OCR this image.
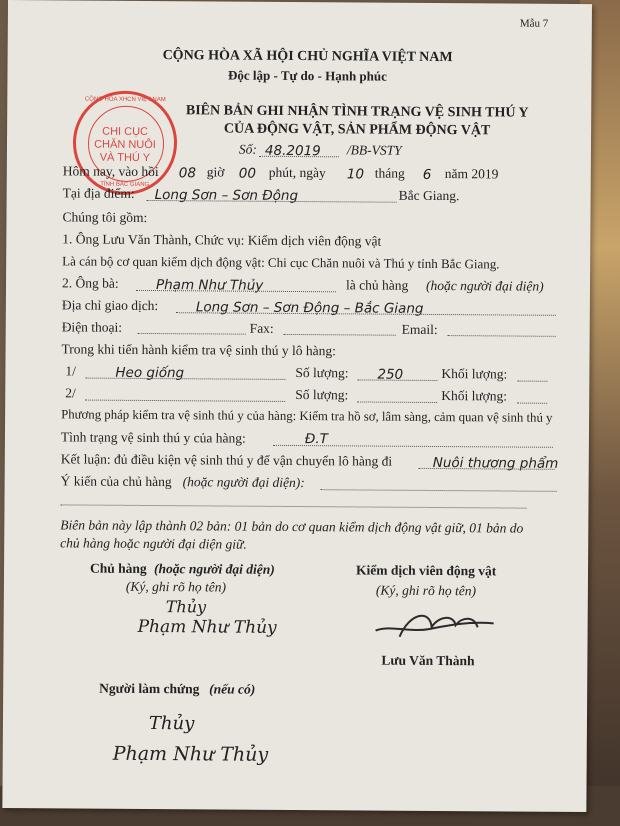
Mẫu 7
CỘNG HÒA XÃ HỘI CHỦ NGHĨA VIỆT NAM
Độc lập - Tự do - Hạnh phúc
BIÊN BẢN GHI NHẬN TÌNH TRẠNG VỆ SINH THÚ Y
CỦA ĐỘNG VẬT, SẢN PHẨM ĐỘNG VẬT
Số: 48.2019 /BB-VSTY
CỘNG HÒA XHCN VIỆT NAM
CHI CỤC
CHĂN NUÔI
VÀ THÚ Y
TỈNH BẮC GIANG
Hôm nay, vào hồi 08 giờ 00 phút, ngày 10 tháng 6 năm 2019
Tại địa điểm: Long Sơn – Sơn Động	Bắc Giang.
Chúng tôi gồm:
1. Ông Lưu Văn Thành, Chức vụ: Kiểm dịch viên động vật
Là cán bộ cơ quan kiểm dịch động vật: Chi cục Chăn nuôi và Thú y tỉnh Bắc Giang.
2. Ông bà:	Phạm Như Thủy	là chủ hàng (hoặc người đại diện)
Địa chỉ giao dịch:	Long Sơn – Sơn Động – Bắc Giang
Điện thoại:	Fax:	Email:
Trong khi tiến hành kiểm tra vệ sinh thú y lô hàng:
1/	Heo giống	Số lượng: 250	Khối lượng:
2/	Số lượng:	Khối lượng:
Phương pháp kiểm tra vệ sinh thú y của hàng: Kiểm tra hồ sơ, lâm sàng, cảm quan vệ sinh thú y
Tình trạng vệ sinh thú y của hàng:	Đ.T
Kết luận: đủ điều kiện vệ sinh thú y để vận chuyển lô hàng đi	Nuôi thương phẩm
Ý kiến của chủ hàng (hoặc người đại diện):
Biên bản này lập thành 02 bản: 01 bản do cơ quan kiểm dịch động vật giữ, 01 bản do
chủ hàng hoặc người đại diện giữ.
Chủ hàng (hoặc người đại diện)
(Ký, ghi rõ họ tên)
Thủy
Phạm Như Thủy
Kiểm dịch viên động vật
(Ký, ghi rõ họ tên)
Lưu Văn Thành
Người làm chứng (nếu có)
Thủy
Phạm Như Thủy
